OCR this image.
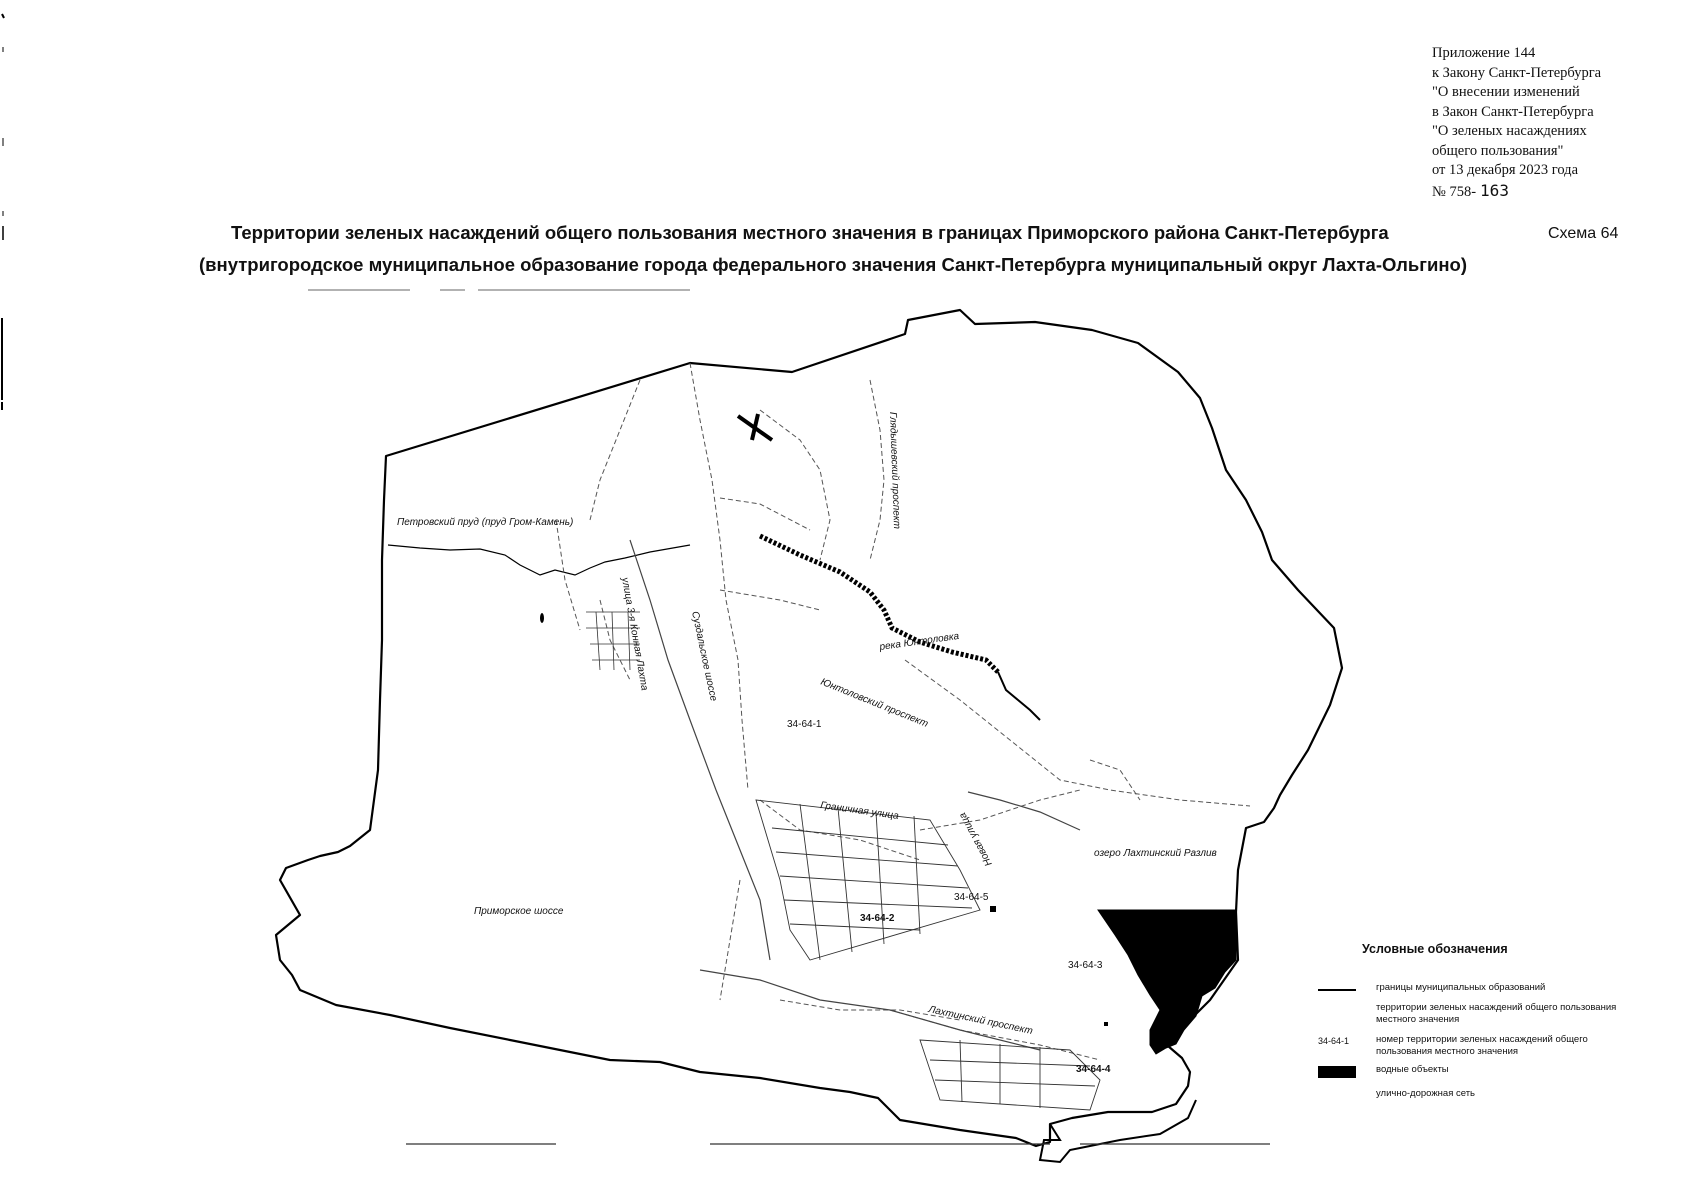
Приложение 144
к Закону Санкт-Петербурга
"О внесении изменений
в Закон Санкт-Петербурга
"О зеленых насаждениях
общего пользования"
от 13 декабря 2023 года
№ 758- 163
Территории зеленых насаждений общего пользования местного значения в границах Приморского района Санкт-Петербурга	Схема 64
(внутригородское муниципальное образование города федерального значения Санкт-Петербурга муниципальный округ Лахта-Ольгино)
Петровский пруд (пруд Гром-Камень)
улица 3-я Конная Лахта	Суздальское шоссе
Глядышевский проспект
река Юнтоловка
Юнтоловский проспект
Граничная улица	Новая улица	озеро Лахтинский Разлив
Приморское шоссе
Лахтинский проспект
34-64-1
34-64-2
34-64-3
34-64-4
34-64-5
Условные обозначения
границы муниципальных образований
территории зеленых насаждений общего пользования местного значения
34-64-1	номер территории зеленых насаждений общего пользования местного значения
водные объекты
улично-дорожная сеть
